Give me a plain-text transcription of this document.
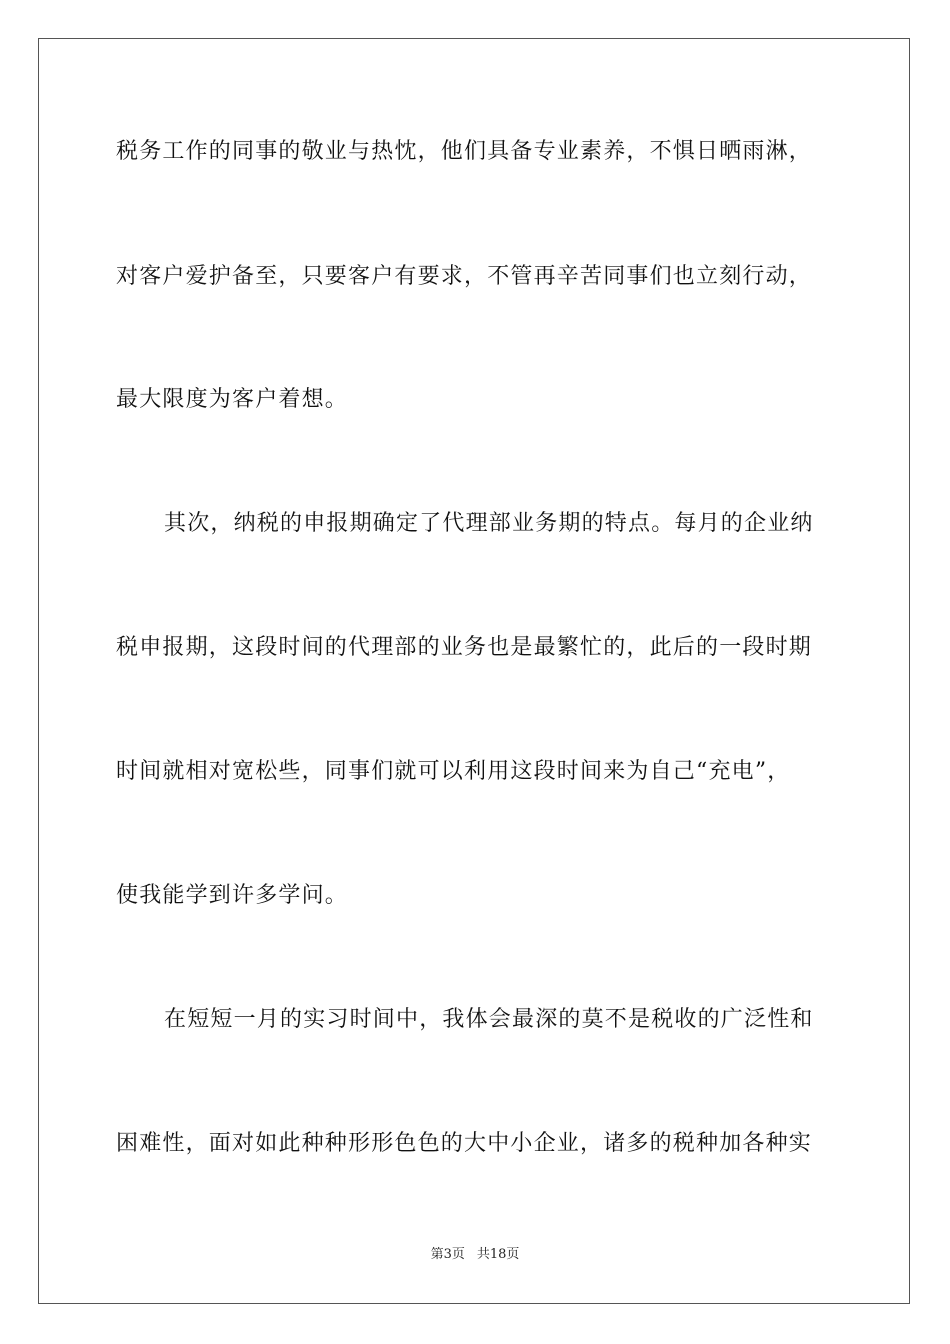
税务工作的同事的敬业与热忱，他们具备专业素养，不惧日晒雨淋，
对客户爱护备至，只要客户有要求，不管再辛苦同事们也立刻行动，
最大限度为客户着想。
其次，纳税的申报期确定了代理部业务期的特点。每月的企业纳
税申报期，这段时间的代理部的业务也是最繁忙的，此后的一段时期
时间就相对宽松些，同事们就可以利用这段时间来为自己“充电”，
使我能学到许多学问。
在短短一月的实习时间中，我体会最深的莫不是税收的广泛性和
困难性，面对如此种种形形色色的大中小企业，诸多的税种加各种实
第3页 共18页
